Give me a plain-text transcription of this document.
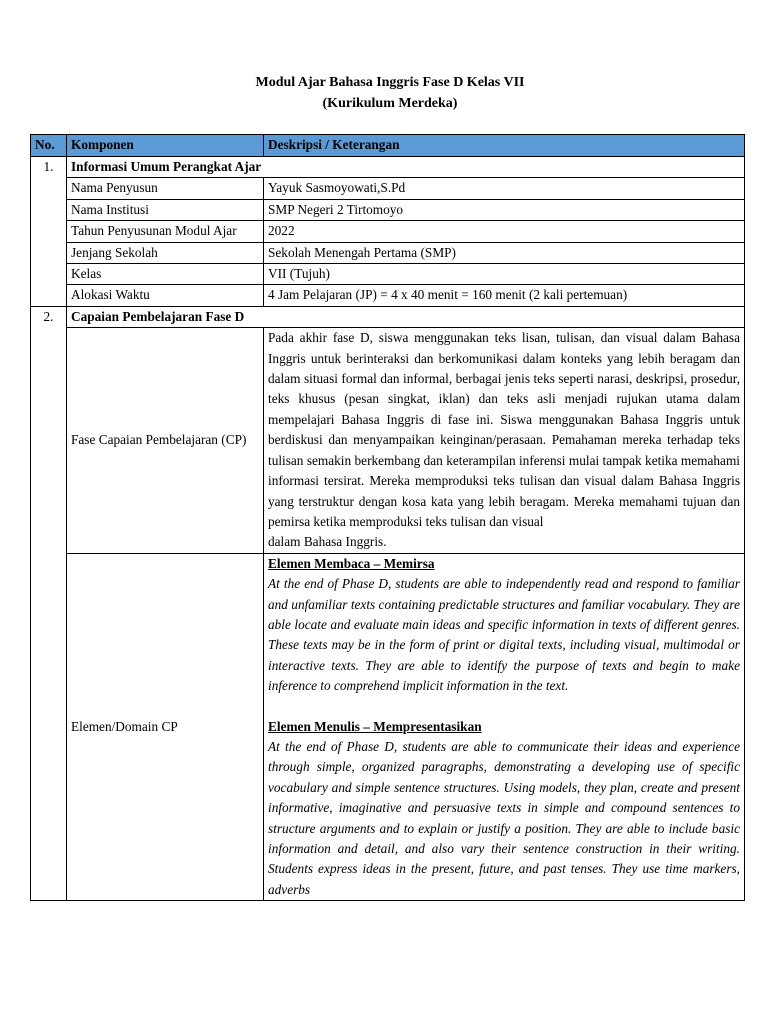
Modul Ajar Bahasa Inggris Fase D Kelas VII
(Kurikulum Merdeka)
No.	Komponen	Deskripsi / Keterangan
1.	Informasi Umum Perangkat Ajar	
	Nama Penyusun	Yayuk Sasmoyowati,S.Pd
	Nama Institusi	SMP Negeri 2 Tirtomoyo

	Tahun Penyusunan Modul Ajar	2022
	Jenjang Sekolah	Sekolah Menengah Pertama (SMP)
	Kelas	VII (Tujuh)
	Alokasi Waktu	4 Jam Pelajaran (JP) = 4 x 40 menit = 160 menit (2 kali pertemuan)
2.	Capaian Pembelajaran Fase D	
	Fase Capaian Pembelajaran (CP)	Pada akhir fase D, siswa menggunakan teks lisan, tulisan, dan visual dalam Bahasa Inggris untuk berinteraksi dan berkomunikasi dalam konteks yang lebih beragam dan dalam situasi formal dan informal, berbagai jenis teks seperti narasi, deskripsi, prosedur, teks khusus (pesan singkat, iklan) dan teks asli menjadi rujukan utama dalam mempelajari Bahasa Inggris di fase ini. Siswa menggunakan Bahasa Inggris untuk berdiskusi dan menyampaikan keinginan/perasaan. Pemahaman mereka terhadap teks tulisan semakin berkembang dan keterampilan inferensi mulai tampak ketika memahami informasi tersirat. Mereka memproduksi teks tulisan dan visual dalam Bahasa Inggris yang terstruktur dengan kosa kata yang lebih beragam. Mereka memahami tujuan dan pemirsa ketika memproduksi teks tulisan dan visual
dalam Bahasa Inggris.

	Elemen/Domain CP	Elemen Membaca – Memirsa
At the end of Phase D, students are able to independently read and respond to familiar and unfamiliar texts containing predictable structures and familiar vocabulary. They are able locate and evaluate main ideas and specific information in texts of different genres. These texts may be in the form of print or digital texts, including visual, multimodal or interactive texts. They are able to identify the purpose of texts and begin to make inference to comprehend implicit information in the text.
Elemen Menulis – Mempresentasikan
At the end of Phase D, students are able to communicate their ideas and experience through simple, organized paragraphs, demonstrating a developing use of specific vocabulary and simple sentence structures. Using models, they plan, create and present informative, imaginative and persuasive texts in simple and compound sentences to structure arguments and to explain or justify a position. They are able to include basic information and detail, and also vary their sentence construction in their writing. Students express ideas in the present, future, and past tenses. They use time markers, adverbs
